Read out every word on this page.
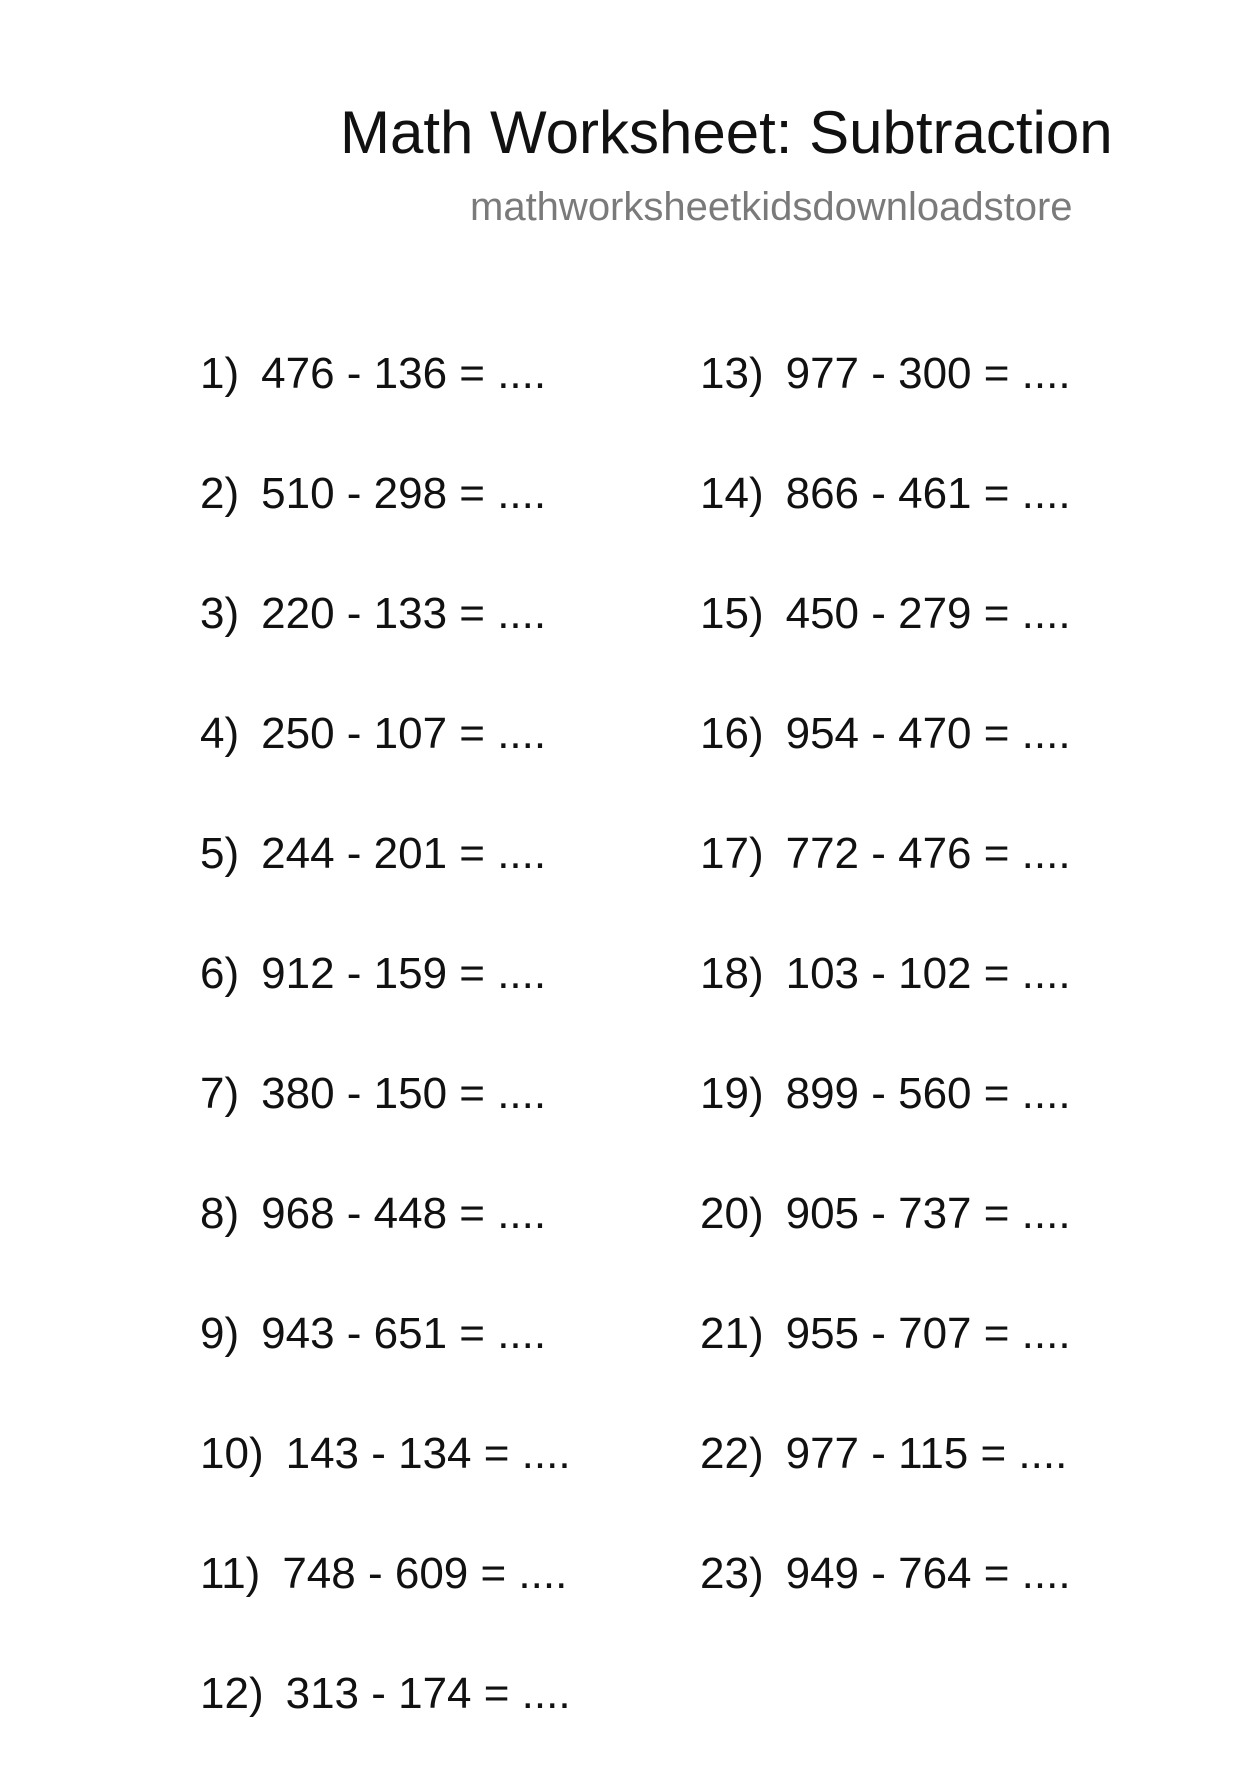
Math Worksheet: Subtraction
mathworksheetkidsdownloadstore
1) 476 - 136 = ....
2) 510 - 298 = ....
3) 220 - 133 = ....
4) 250 - 107 = ....
5) 244 - 201 = ....
6) 912 - 159 = ....
7) 380 - 150 = ....
8) 968 - 448 = ....
9) 943 - 651 = ....
10) 143 - 134 = ....
11) 748 - 609 = ....
12) 313 - 174 = ....
13) 977 - 300 = ....
14) 866 - 461 = ....
15) 450 - 279 = ....
16) 954 - 470 = ....
17) 772 - 476 = ....
18) 103 - 102 = ....
19) 899 - 560 = ....
20) 905 - 737 = ....
21) 955 - 707 = ....
22) 977 - 115 = ....
23) 949 - 764 = ....
